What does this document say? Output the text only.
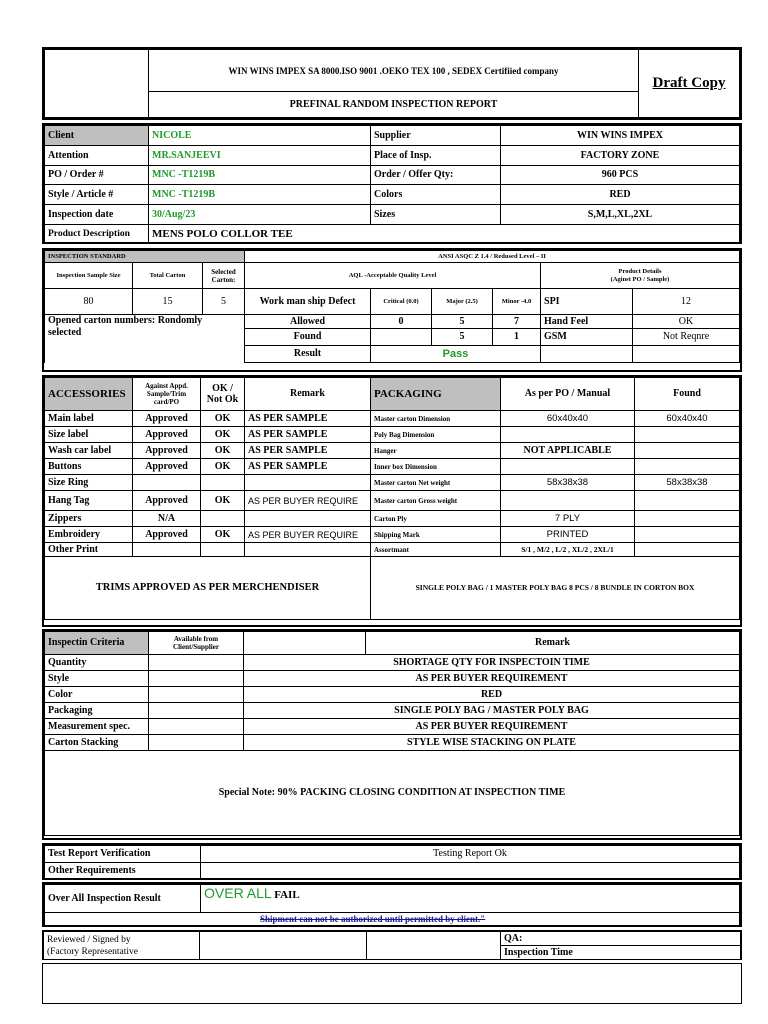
	WIN WINS IMPEX SA 8000.ISO 9001 .OEKO TEX 100 , SEDEX Certifiied company	Draft Copy
PREFINAL RANDOM INSPECTION REPORT
Client	NICOLE	Supplier	WIN WINS IMPEX
Attention	MR.SANJEEVI	Place of Insp.	FACTORY ZONE
PO / Order #	MNC -T1219B	Order / Offer Qty:	960 PCS
Style / Article #	MNC -T1219B	Colors	RED
Inspection date	30/Aug/23	Sizes	S,M,L,XL,2XL
Product Description	MENS POLO COLLOR TEE		
INSPECTION STANDARD			ANSI ASQC Z 1.4 / Redused Level – II					
Inspection Sample Size	Total Carton	Selected Carton:	AQL -Acceptable Quality Level				Product Details
(Aginst PO / Sample)	

80	15	5	Work man ship Defect	Critical (0.0)	Major (2.5)	Minor -4.0	SPI	12

Opened carton numbers: Rondomly
selected			Allowed	0	5	7	Hand Feel	OK
			Found		5	1	GSM	Not Reqnre
			Result	Pass				
ACCESSORIES	Against Appd. Sample/Trim card/PO	OK / Not Ok	Remark	PACKAGING	As per PO / Manual	Found
Main label	Approved	OK	AS PER SAMPLE	Master carton Dimension	60x40x40	60x40x40
Size label	Approved	OK	AS PER SAMPLE	Poly Bag Dimension		
Wash car label	Approved	OK	AS PER SAMPLE	Hanger	NOT APPLICABLE	
Buttons	Approved	OK	AS PER SAMPLE	Inner box Dimension		
Size Ring				Master carton Net weight	58x38x38	58x38x38
Hang Tag	Approved	OK	AS PER BUYER REQUIRE	Master carton Gross weight		
Zippers	N/A			Carton Ply	7 PLY	
Embroidery	Approved	OK	AS PER BUYER REQUIRE	Shipping Mark	PRINTED	
Other Print				Assortmant	S/1 , M/2 , L/2 , XL/2 , 2XL/1	
TRIMS APPROVED AS PER MERCHENDISER				SINGLE POLY BAG / 1 MASTER POLY BAG 8 PCS / 8 BUNDLE IN CORTON BOX		
Inspectin Criteria	Available from Client/Supplier		Remark
Quantity		SHORTAGE QTY FOR INSPECTOIN TIME	
Style		AS PER BUYER REQUIREMENT	
Color		RED	
Packaging		SINGLE POLY BAG / MASTER POLY BAG	
Measurement spec.		AS PER BUYER REQUIREMENT	
Carton Stacking		STYLE WISE STACKING ON PLATE	
Special Note: 90% PACKING CLOSING CONDITION AT INSPECTION TIME			
Test Report Verification	Testing Report Ok
Other Requirements	
Over All Inspection Result	OVER ALL FAIL
Shipment can not be authorized until permitted by client."
Reviewed / Signed by
(Factory Representative
			QA:
Inspection Time
